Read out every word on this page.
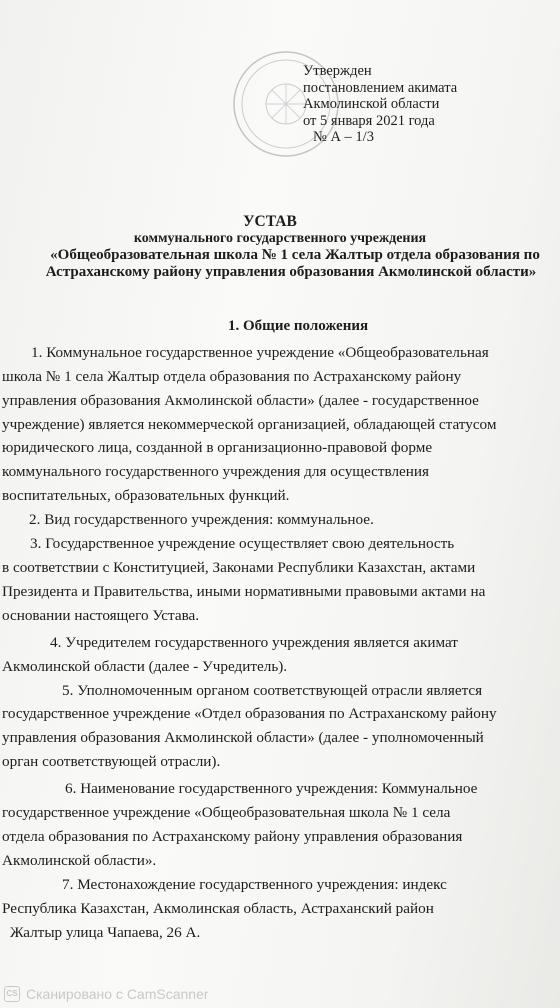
Утвержден
постановлением акимата
Акмолинской области
от 5 января 2021 года
№ А – 1/3
УСТАВ
коммунального государственного учреждения
«Общеобразовательная школа № 1 села Жалтыр отдела образования по
Астраханскому району управления образования Акмолинской области»
1. Общие положения
1. Коммунальное государственное учреждение «Общеобразовательная
школа № 1 села Жалтыр отдела образования по Астраханскому району
управления образования Акмолинской области» (далее - государственное
учреждение) является некоммерческой организацией, обладающей статусом
юридического лица, созданной в организационно-правовой форме
коммунального государственного учреждения для осуществления
воспитательных, образовательных функций.
2. Вид государственного учреждения: коммунальное.
3. Государственное учреждение осуществляет свою деятельность
в соответствии с Конституцией, Законами Республики Казахстан, актами
Президента и Правительства, иными нормативными правовыми актами на
основании настоящего Устава.
4. Учредителем государственного учреждения является акимат
Акмолинской области (далее - Учредитель).
5. Уполномоченным органом соответствующей отрасли является
государственное учреждение «Отдел образования по Астраханскому району
управления образования Акмолинской области» (далее - уполномоченный
орган соответствующей отрасли).
6. Наименование государственного учреждения: Коммунальное
государственное учреждение «Общеобразовательная школа № 1 села
отдела образования по Астраханскому району управления образования
Акмолинской области».
7. Местонахождение государственного учреждения: индекс
Республика Казахстан, Акмолинская область, Астраханский район
Жалтыр улица Чапаева, 26 А.
CS Сканировано с CamScanner
